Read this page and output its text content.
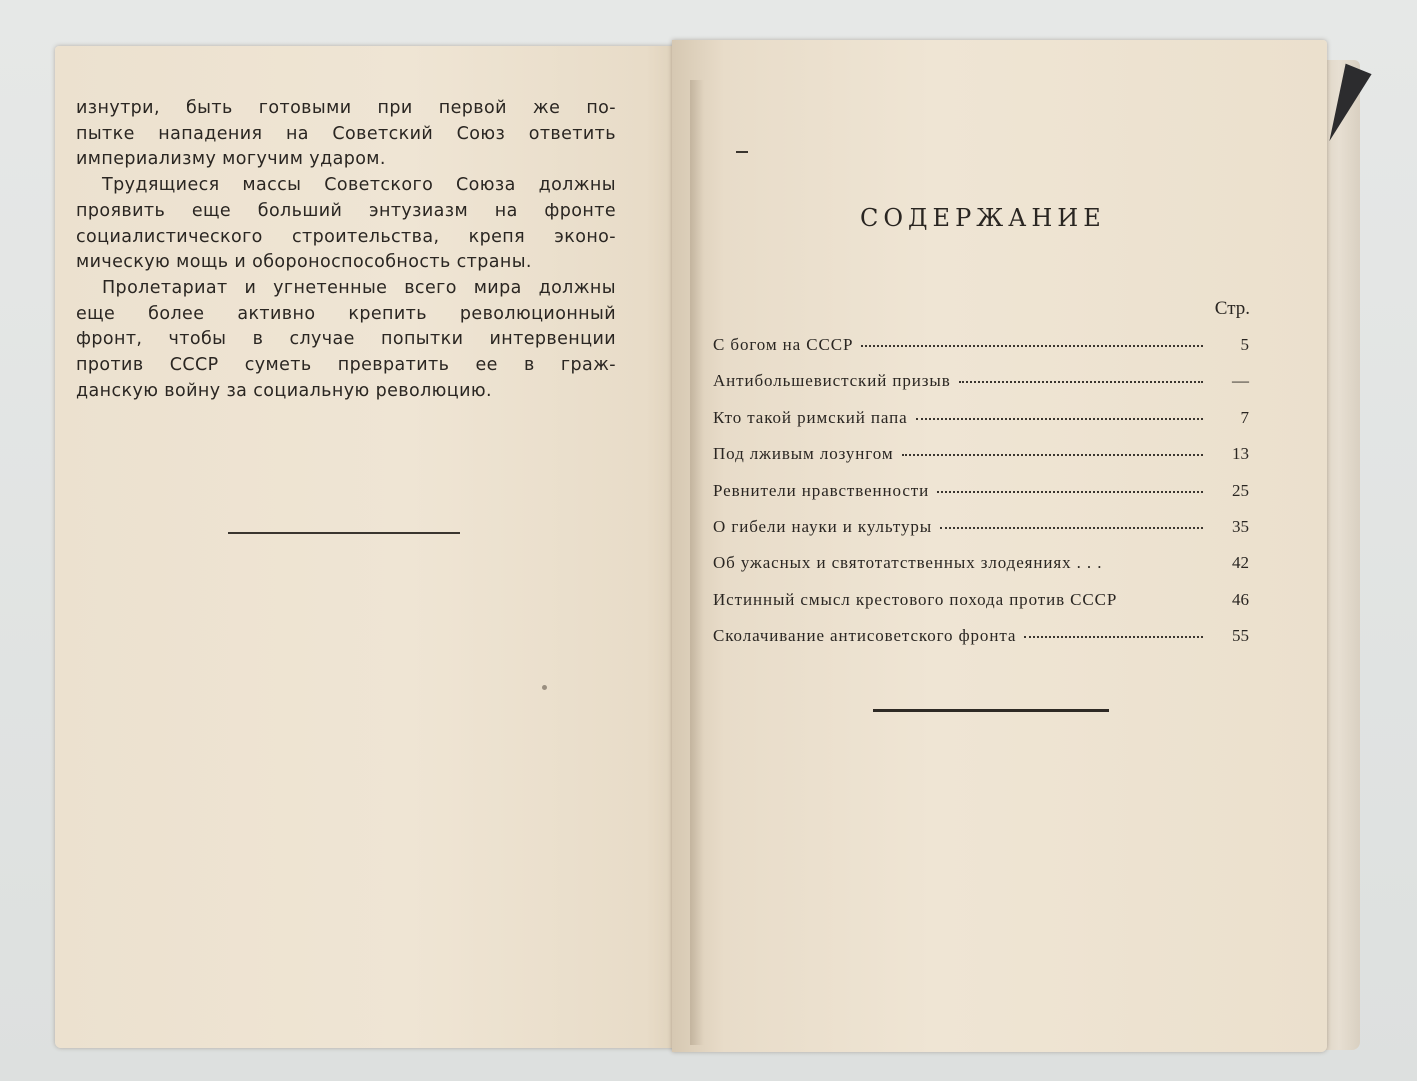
изнутри, быть готовыми при первой же по-
пытке нападения на Советский Союз ответить
империализму могучим ударом.
Трудящиеся массы Советского Союза должны
проявить еще больший энтузиазм на фронте
социалистического строительства, крепя эконо-
мическую мощь и обороноспособность страны.
Пролетариат и угнетенные всего мира должны
еще более активно крепить революционный
фронт, чтобы в случае попытки интервенции
против СССР суметь превратить ее в граж-
данскую войну за социальную революцию.
СОДЕРЖАНИЕ
Стр.
С богом на СССР	5
Антибольшевистский призыв	—
Кто такой римский папа	7
Под лживым лозунгом	13
Ревнители нравственности	25
О гибели науки и культуры	35
Об ужасных и святотатственных злодеяниях . . .	42
Истинный смысл крестового похода против СССР	46
Сколачивание антисоветского фронта	55
